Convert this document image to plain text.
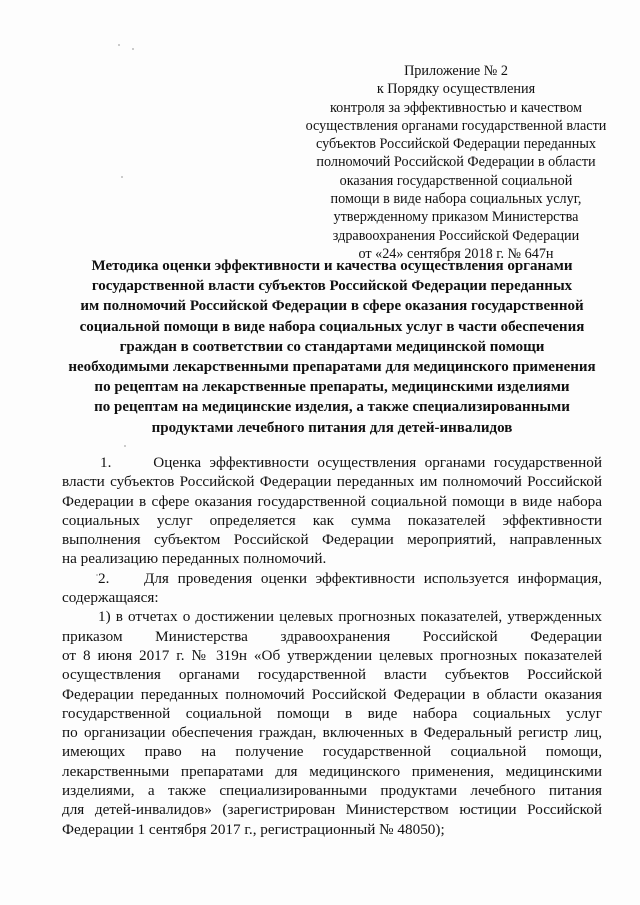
Приложение № 2
к Порядку осуществления
контроля за эффективностью и качеством
осуществления органами государственной власти
субъектов Российской Федерации переданных
полномочий Российской Федерации в области
оказания государственной социальной
помощи в виде набора социальных услуг,
утвержденному приказом Министерства
здравоохранения Российской Федерации
от «24» сентября 2018 г. № 647н
Методика оценки эффективности и качества осуществления органами
государственной власти субъектов Российской Федерации переданных
им полномочий Российской Федерации в сфере оказания государственной
социальной помощи в виде набора социальных услуг в части обеспечения
граждан в соответствии со стандартами медицинской помощи
необходимыми лекарственными препаратами для медицинского применения
по рецептам на лекарственные препараты, медицинскими изделиями
по рецептам на медицинские изделия, а также специализированными
продуктами лечебного питания для детей-инвалидов
1.     Оценка эффективности осуществления органами государственной
власти субъектов Российской Федерации переданных им полномочий Российской
Федерации в сфере оказания государственной социальной помощи в виде набора
социальных услуг определяется как сумма показателей эффективности
выполнения субъектом Российской Федерации мероприятий, направленных
на реализацию переданных полномочий.
2.    Для проведения оценки эффективности используется информация,
содержащаяся:
1) в отчетах о достижении целевых прогнозных показателей, утвержденных
приказом Министерства здравоохранения Российской Федерации
от 8 июня 2017 г. № 319н «Об утверждении целевых прогнозных показателей
осуществления органами государственной власти субъектов Российской
Федерации переданных полномочий Российской Федерации в области оказания
государственной социальной помощи в виде набора социальных услуг
по организации обеспечения граждан, включенных в Федеральный регистр лиц,
имеющих право на получение государственной социальной помощи,
лекарственными препаратами для медицинского применения, медицинскими
изделиями, а также специализированными продуктами лечебного питания
для детей-инвалидов» (зарегистрирован Министерством юстиции Российской
Федерации 1 сентября 2017 г., регистрационный № 48050);
